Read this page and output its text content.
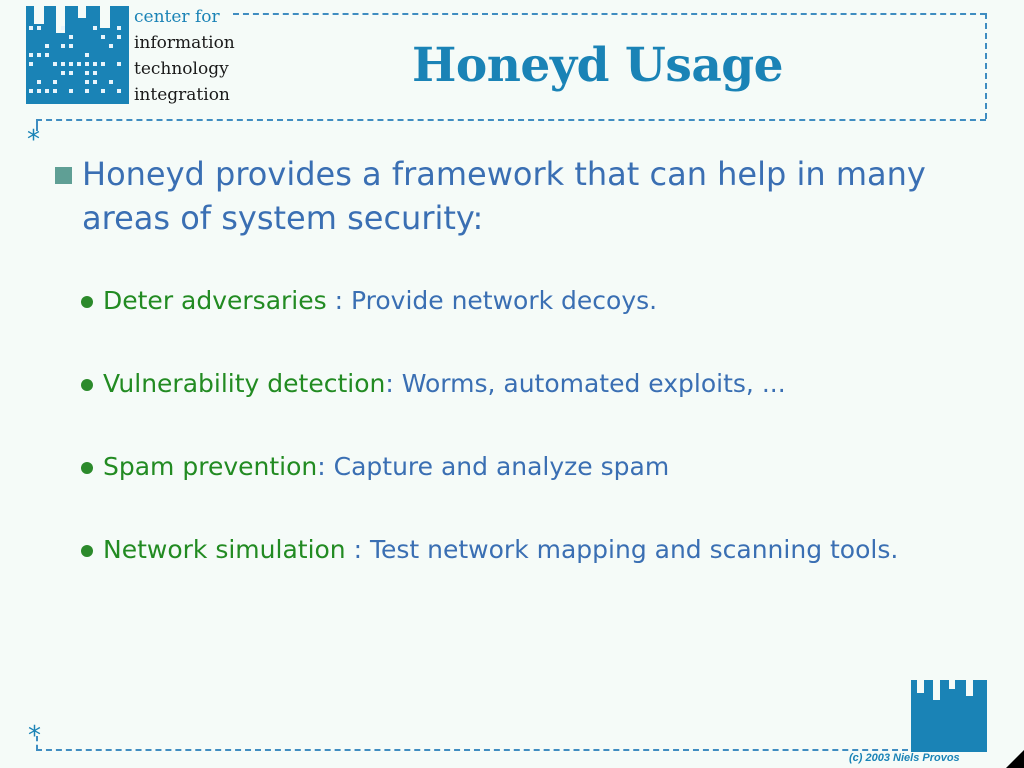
center for
information
technology
integration
Honeyd Usage
*
*
Honeyd provides a framework that can help in many areas of system security:
Deter adversaries : Provide network decoys.
Vulnerability detection: Worms, automated exploits, ...
Spam prevention: Capture and analyze spam
Network simulation : Test network mapping and scanning tools.
(c) 2003 Niels Provos
